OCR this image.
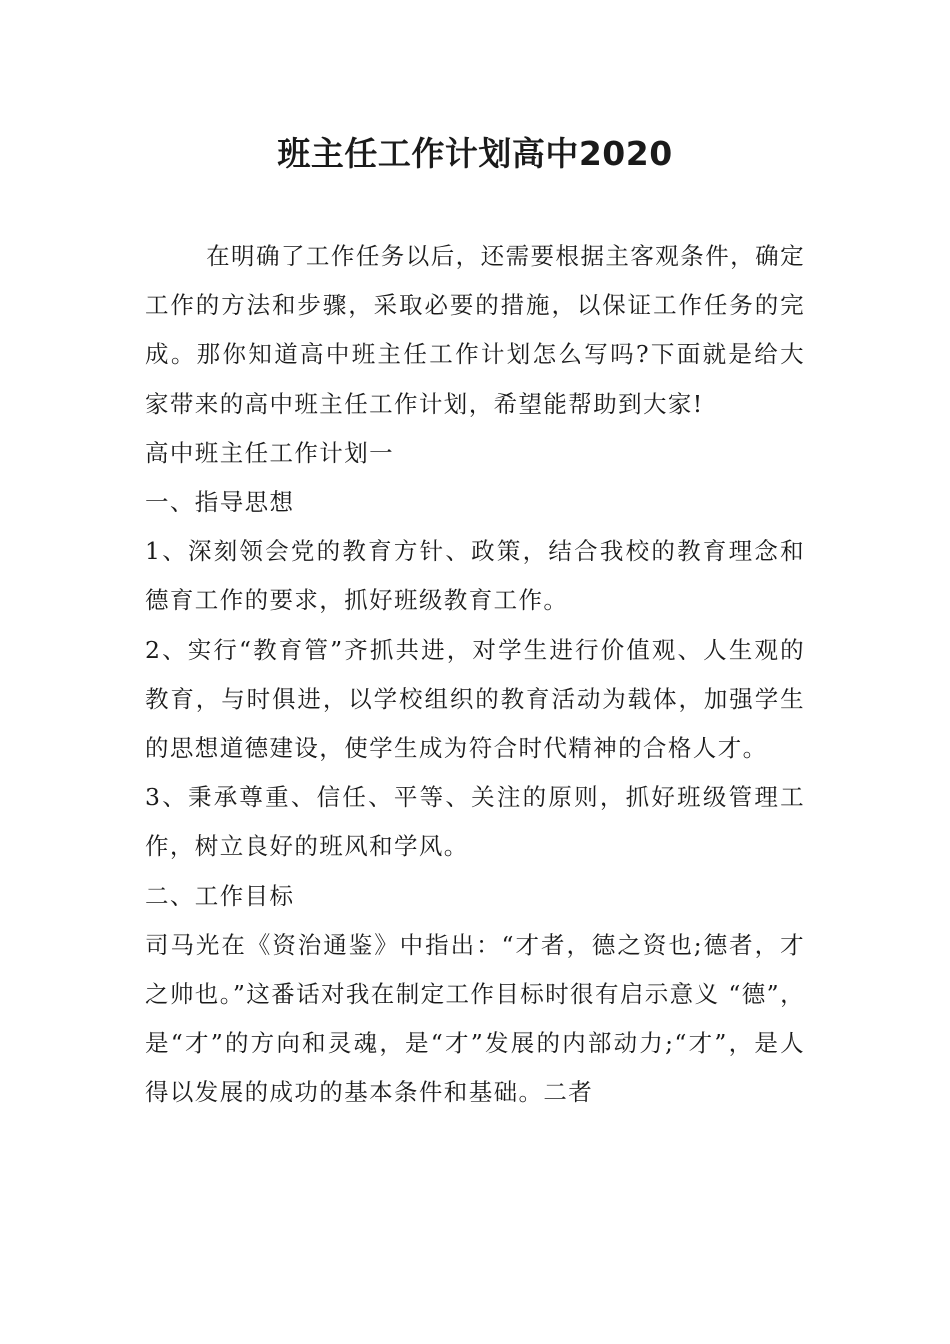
班主任工作计划高中2020

在明确了工作任务以后，还需要根据主客观条件，确定工作的方法和步骤，采取必要的措施，以保证工作任务的完成。那你知道高中班主任工作计划怎么写吗?下面就是给大家带来的高中班主任工作计划，希望能帮助到大家!

高中班主任工作计划一

一、指导思想

1、深刻领会党的教育方针、政策，结合我校的教育理念和德育工作的要求，抓好班级教育工作。

2、实行“教育管”齐抓共进，对学生进行价值观、人生观的教育，与时俱进，以学校组织的教育活动为载体，加强学生的思想道德建设，使学生成为符合时代精神的合格人才。

3、秉承尊重、信任、平等、关注的原则，抓好班级管理工作，树立良好的班风和学风。

二、工作目标

司马光在《资治通鉴》中指出：“才者，德之资也;德者，才之帅也。”这番话对我在制定工作目标时很有启示意义 “德”，是“才”的方向和灵魂，是“才”发展的内部动力;“才”，是人得以发展的成功的基本条件和基础。二者
